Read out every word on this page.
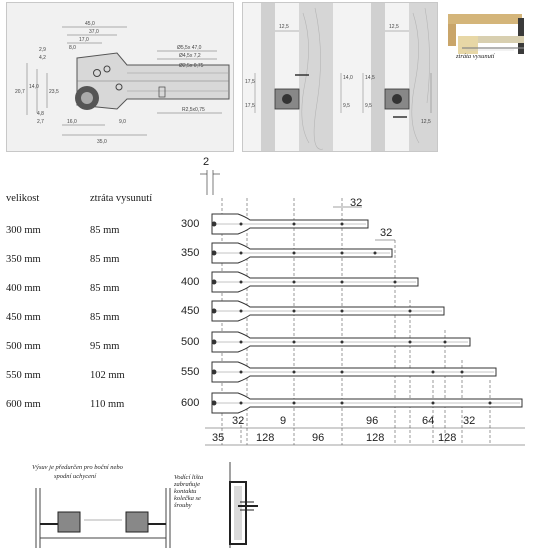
45,0
37,0
17,0
8,0
2,9
4,2
20,7
14,0
23,5
4,8
16,0
35,0
9,0
2,7
Ø5,5x 47,0
Ø4,5x 7,2
Ø2,5x 0,75
R2,5x0,75
12,5
14,0
17,5
12,5
14,5
9,5
12,5
9,5
17,5
ztráta vysunutí
velikost	ztráta vysunutí
300 mm	85 mm
350 mm	85 mm
400 mm	85 mm
450 mm	85 mm
500 mm	95 mm
550 mm	102 mm
600 mm	110 mm
2
32
32
300
350
400
450
500
550
600
32	9	96	64	32
35	128	96	128	128
Výsuv je předurčen pro boční nebo
spodní uchycení	Vodící lišta
zabraňuje
kontaktu
kolečka se
šrouby
